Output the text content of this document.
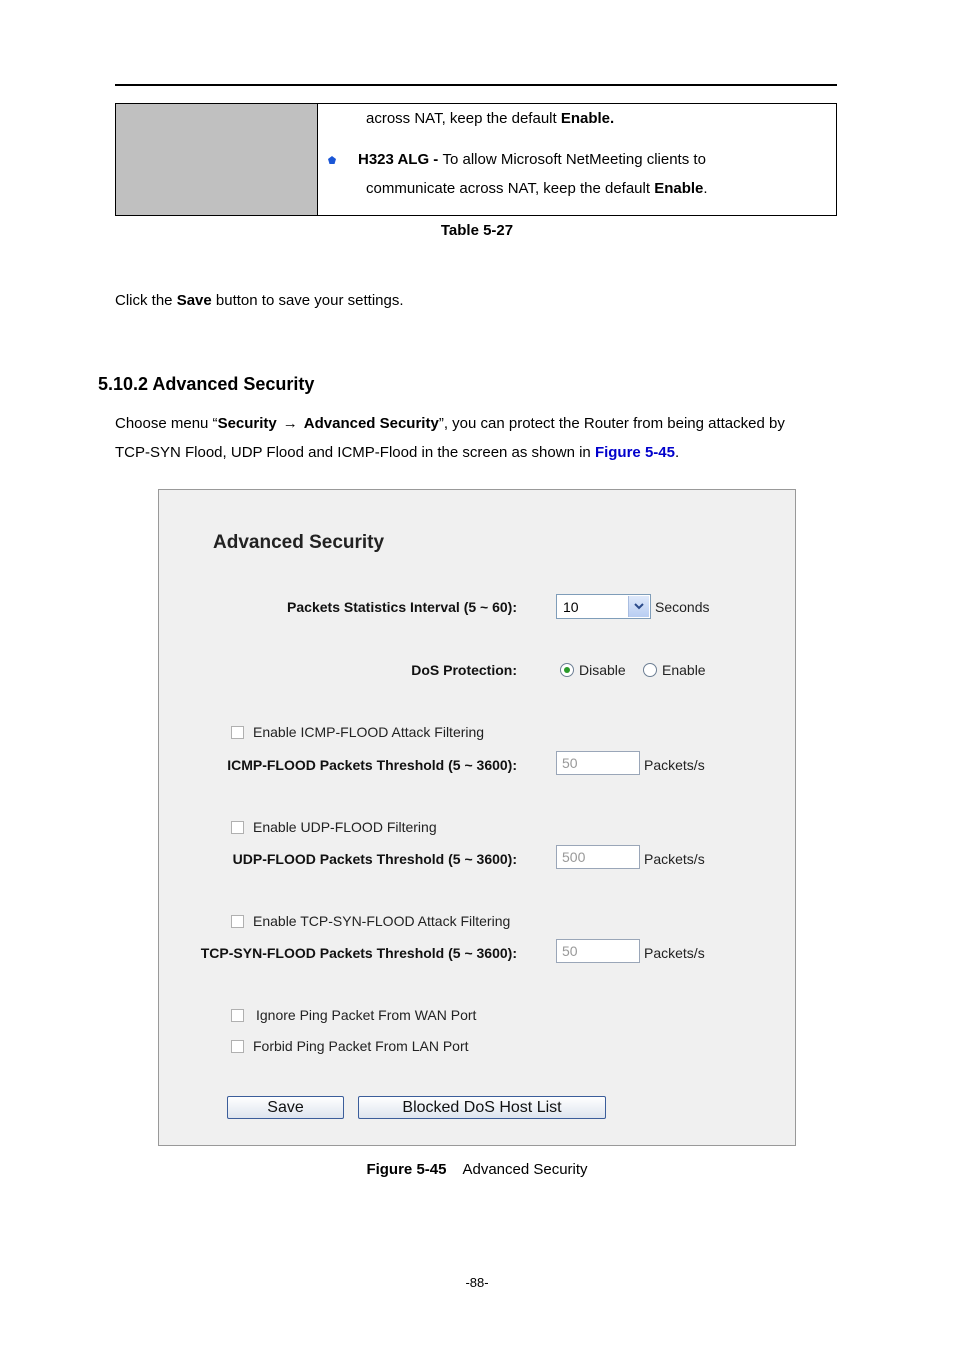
across NAT, keep the default Enable.
H323 ALG - To allow Microsoft NetMeeting clients to
communicate across NAT, keep the default Enable.
Table 5-27
Click the Save button to save your settings.
5.10.2 Advanced Security
Choose menu “Security → Advanced Security”, you can protect the Router from being attacked by
TCP-SYN Flood, UDP Flood and ICMP-Flood in the screen as shown in Figure 5-45.
Advanced Security
Packets Statistics Interval (5 ~ 60):	10	Seconds
DoS Protection:	Disable	Enable
Enable ICMP-FLOOD Attack Filtering
ICMP-FLOOD Packets Threshold (5 ~ 3600):	50	Packets/s
Enable UDP-FLOOD Filtering
UDP-FLOOD Packets Threshold (5 ~ 3600):	500	Packets/s
Enable TCP-SYN-FLOOD Attack Filtering
TCP-SYN-FLOOD Packets Threshold (5 ~ 3600):	50	Packets/s
Ignore Ping Packet From WAN Port
Forbid Ping Packet From LAN Port
Save	Blocked DoS Host List
Figure 5-45 Advanced Security
-88-
